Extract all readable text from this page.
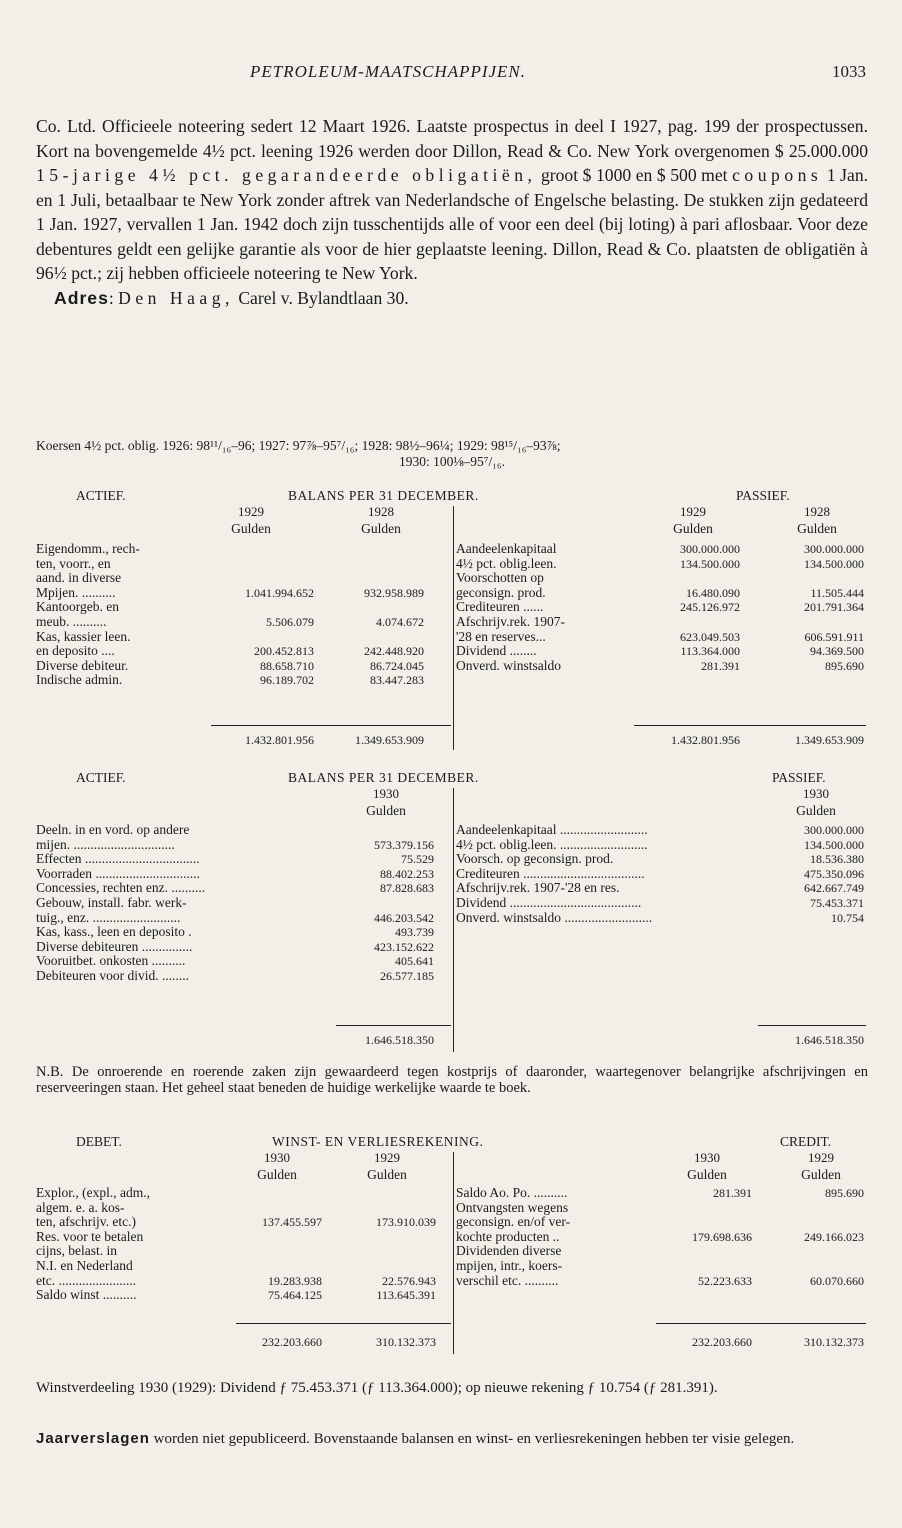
PETROLEUM-MAATSCHAPPIJEN.	1033
Co. Ltd. Officieele noteering sedert 12 Maart 1926. Laatste prospectus in deel I 1927, pag. 199 der prospectussen. Kort na bovengemelde 4½ pct. leening 1926 werden door Dillon, Read & Co. New York overgenomen $ 25.000.000 15-jarige 4½ pct. gegarandeerde obligatiën, groot $ 1000 en $ 500 met coupons 1 Jan. en 1 Juli, betaalbaar te New York zonder aftrek van Nederlandsche of Engelsche belasting. De stukken zijn gedateerd 1 Jan. 1927, vervallen 1 Jan. 1942 doch zijn tusschentijds alle of voor een deel (bij loting) à pari aflosbaar. Voor deze debentures geldt een gelijke garantie als voor de hier geplaatste leening. Dillon, Read & Co. plaatsten de obligatiën à 96½ pct.; zij hebben officieele noteering te New York.
Adres: Den Haag, Carel v. Bylandtlaan 30.
Koersen 4½ pct. oblig. 1926: 98¹¹/₁₆–96; 1927: 97⅞–95⁷/₁₆; 1928: 98½–96¼; 1929: 98¹⁵/₁₆–93⅞;
1930: 100⅛–95⁷/₁₆.
ACTIEF.	BALANS PER 31 DECEMBER.	PASSIEF.
1929	1928
Gulden	Gulden
1929	1928
Gulden	Gulden
Eigendomm., rech-
ten, voorr., en
aand. in diverse
Mpijen. ..........	1.041.994.652	932.958.989
Kantoorgeb. en
meub. ..........	5.506.079	4.074.672
Kas, kassier leen.
en deposito ....	200.452.813	242.448.920
Diverse debiteur.	88.658.710	86.724.045
Indische admin.	96.189.702	83.447.283
Aandeelenkapitaal	300.000.000	300.000.000
4½ pct. oblig.leen.	134.500.000	134.500.000
Voorschotten op
geconsign. prod.	16.480.090	11.505.444
Crediteuren ......	245.126.972	201.791.364
Afschrijv.rek. 1907-
'28 en reserves...	623.049.503	606.591.911
Dividend ........	113.364.000	94.369.500
Onverd. winstsaldo	281.391	895.690
1.432.801.956	1.349.653.909	1.432.801.956	1.349.653.909
ACTIEF.	BALANS PER 31 DECEMBER.	PASSIEF.
1930
Gulden
1930
Gulden
Deeln. in en vord. op andere
mijen. ..............................	573.379.156
Effecten ..................................	75.529
Voorraden ...............................	88.402.253
Concessies, rechten enz. ..........	87.828.683
Gebouw, install. fabr. werk-
tuig., enz. ..........................	446.203.542
Kas, kass., leen en deposito .	493.739
Diverse debiteuren ...............	423.152.622
Vooruitbet. onkosten ..........	405.641
Debiteuren voor divid. ........	26.577.185
Aandeelenkapitaal ..........................	300.000.000
4½ pct. oblig.leen. ..........................	134.500.000
Voorsch. op geconsign. prod.	18.536.380
Crediteuren ....................................	475.350.096
Afschrijv.rek. 1907-'28 en res.	642.667.749
Dividend .......................................	75.453.371
Onverd. winstsaldo ..........................	10.754
1.646.518.350	1.646.518.350
N.B. De onroerende en roerende zaken zijn gewaardeerd tegen kostprijs of daaronder, waartegenover belangrijke afschrijvingen en reserveeringen staan. Het geheel staat beneden de huidige werkelijke waarde te boek.
DEBET.	WINST- EN VERLIESREKENING.	CREDIT.
1930	1929
Gulden	Gulden
1930	1929
Gulden	Gulden
Explor., (expl., adm.,
algem. e. a. kos-
ten, afschrijv. etc.)	137.455.597	173.910.039
Res. voor te betalen
cijns, belast. in
N.I. en Nederland
etc. .......................	19.283.938	22.576.943
Saldo winst ..........	75.464.125	113.645.391
Saldo Ao. Po. ..........	281.391	895.690
Ontvangsten wegens
geconsign. en/of ver-
kochte producten ..	179.698.636	249.166.023
Dividenden diverse
mpijen, intr., koers-
verschil etc. ..........	52.223.633	60.070.660
232.203.660	310.132.373	232.203.660	310.132.373
Winstverdeeling 1930 (1929): Dividend ƒ 75.453.371 (ƒ 113.364.000); op nieuwe rekening ƒ 10.754 (ƒ 281.391).
Jaarverslagen worden niet gepubliceerd. Bovenstaande balansen en winst- en verliesrekeningen hebben ter visie gelegen.
